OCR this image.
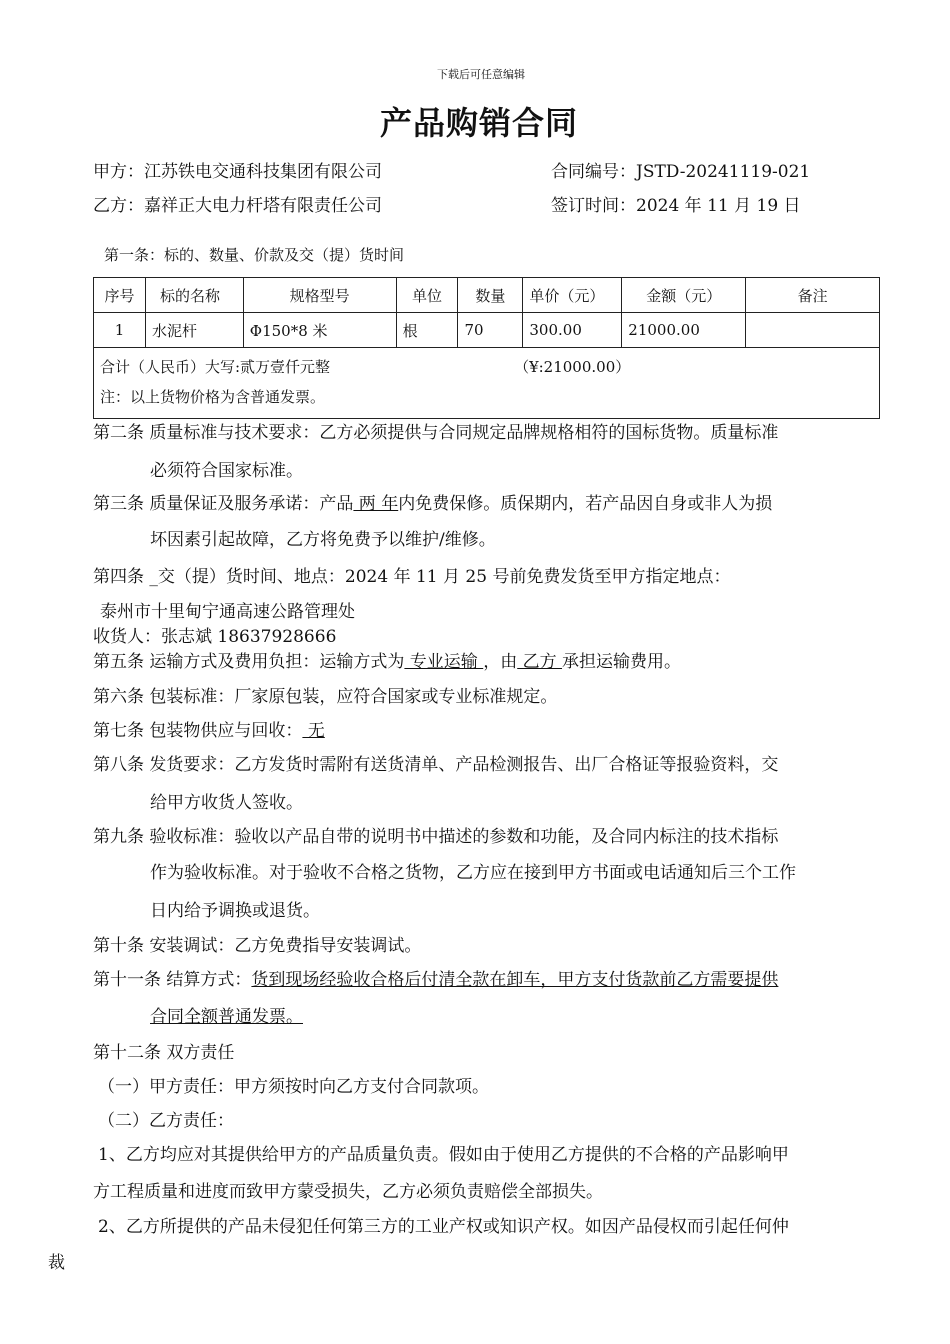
下载后可任意编辑
产品购销合同
甲方：江苏铁电交通科技集团有限公司	合同编号：JSTD-20241119-021
乙方：嘉祥正大电力杆塔有限责任公司	签订时间：2024 年 11 月 19 日
第一条：标的、数量、价款及交（提）货时间
序号	标的名称	规格型号	单位	数量	单价（元）	金额（元）	备注
1	水泥杆	Φ150*8 米	根	70	300.00	21000.00	
合计（人民币）大写:贰万壹仟元整 （¥:21000.00）
注：以上货物价格为含普通发票。							
第二条 质量标准与技术要求：乙方必须提供与合同规定品牌规格相符的国标货物。质量标准
必须符合国家标准。
第三条 质量保证及服务承诺：产品 两 年内免费保修。质保期内，若产品因自身或非人为损
坏因素引起故障，乙方将免费予以维护/维修。
第四条 _交（提）货时间、地点：2024 年 11 月 25 号前免费发货至甲方指定地点：
泰州市十里甸宁通高速公路管理处
收货人：张志斌 18637928666
第五条 运输方式及费用负担：运输方式为 专业运输 ，由 乙方 承担运输费用。
第六条 包装标准：厂家原包装，应符合国家或专业标准规定。
第七条 包装物供应与回收： 无
第八条 发货要求：乙方发货时需附有送货清单、产品检测报告、出厂合格证等报验资料，交
给甲方收货人签收。
第九条 验收标准：验收以产品自带的说明书中描述的参数和功能，及合同内标注的技术指标
作为验收标准。对于验收不合格之货物，乙方应在接到甲方书面或电话通知后三个工作
日内给予调换或退货。
第十条 安装调试：乙方免费指导安装调试。
第十一条 结算方式：货到现场经验收合格后付清全款在卸车，甲方支付货款前乙方需要提供
合同全额普通发票。
第十二条 双方责任
（一）甲方责任：甲方须按时向乙方支付合同款项。
（二）乙方责任：
1、乙方均应对其提供给甲方的产品质量负责。假如由于使用乙方提供的不合格的产品影响甲
方工程质量和进度而致甲方蒙受损失，乙方必须负责赔偿全部损失。
2、乙方所提供的产品未侵犯任何第三方的工业产权或知识产权。如因产品侵权而引起任何仲
裁
